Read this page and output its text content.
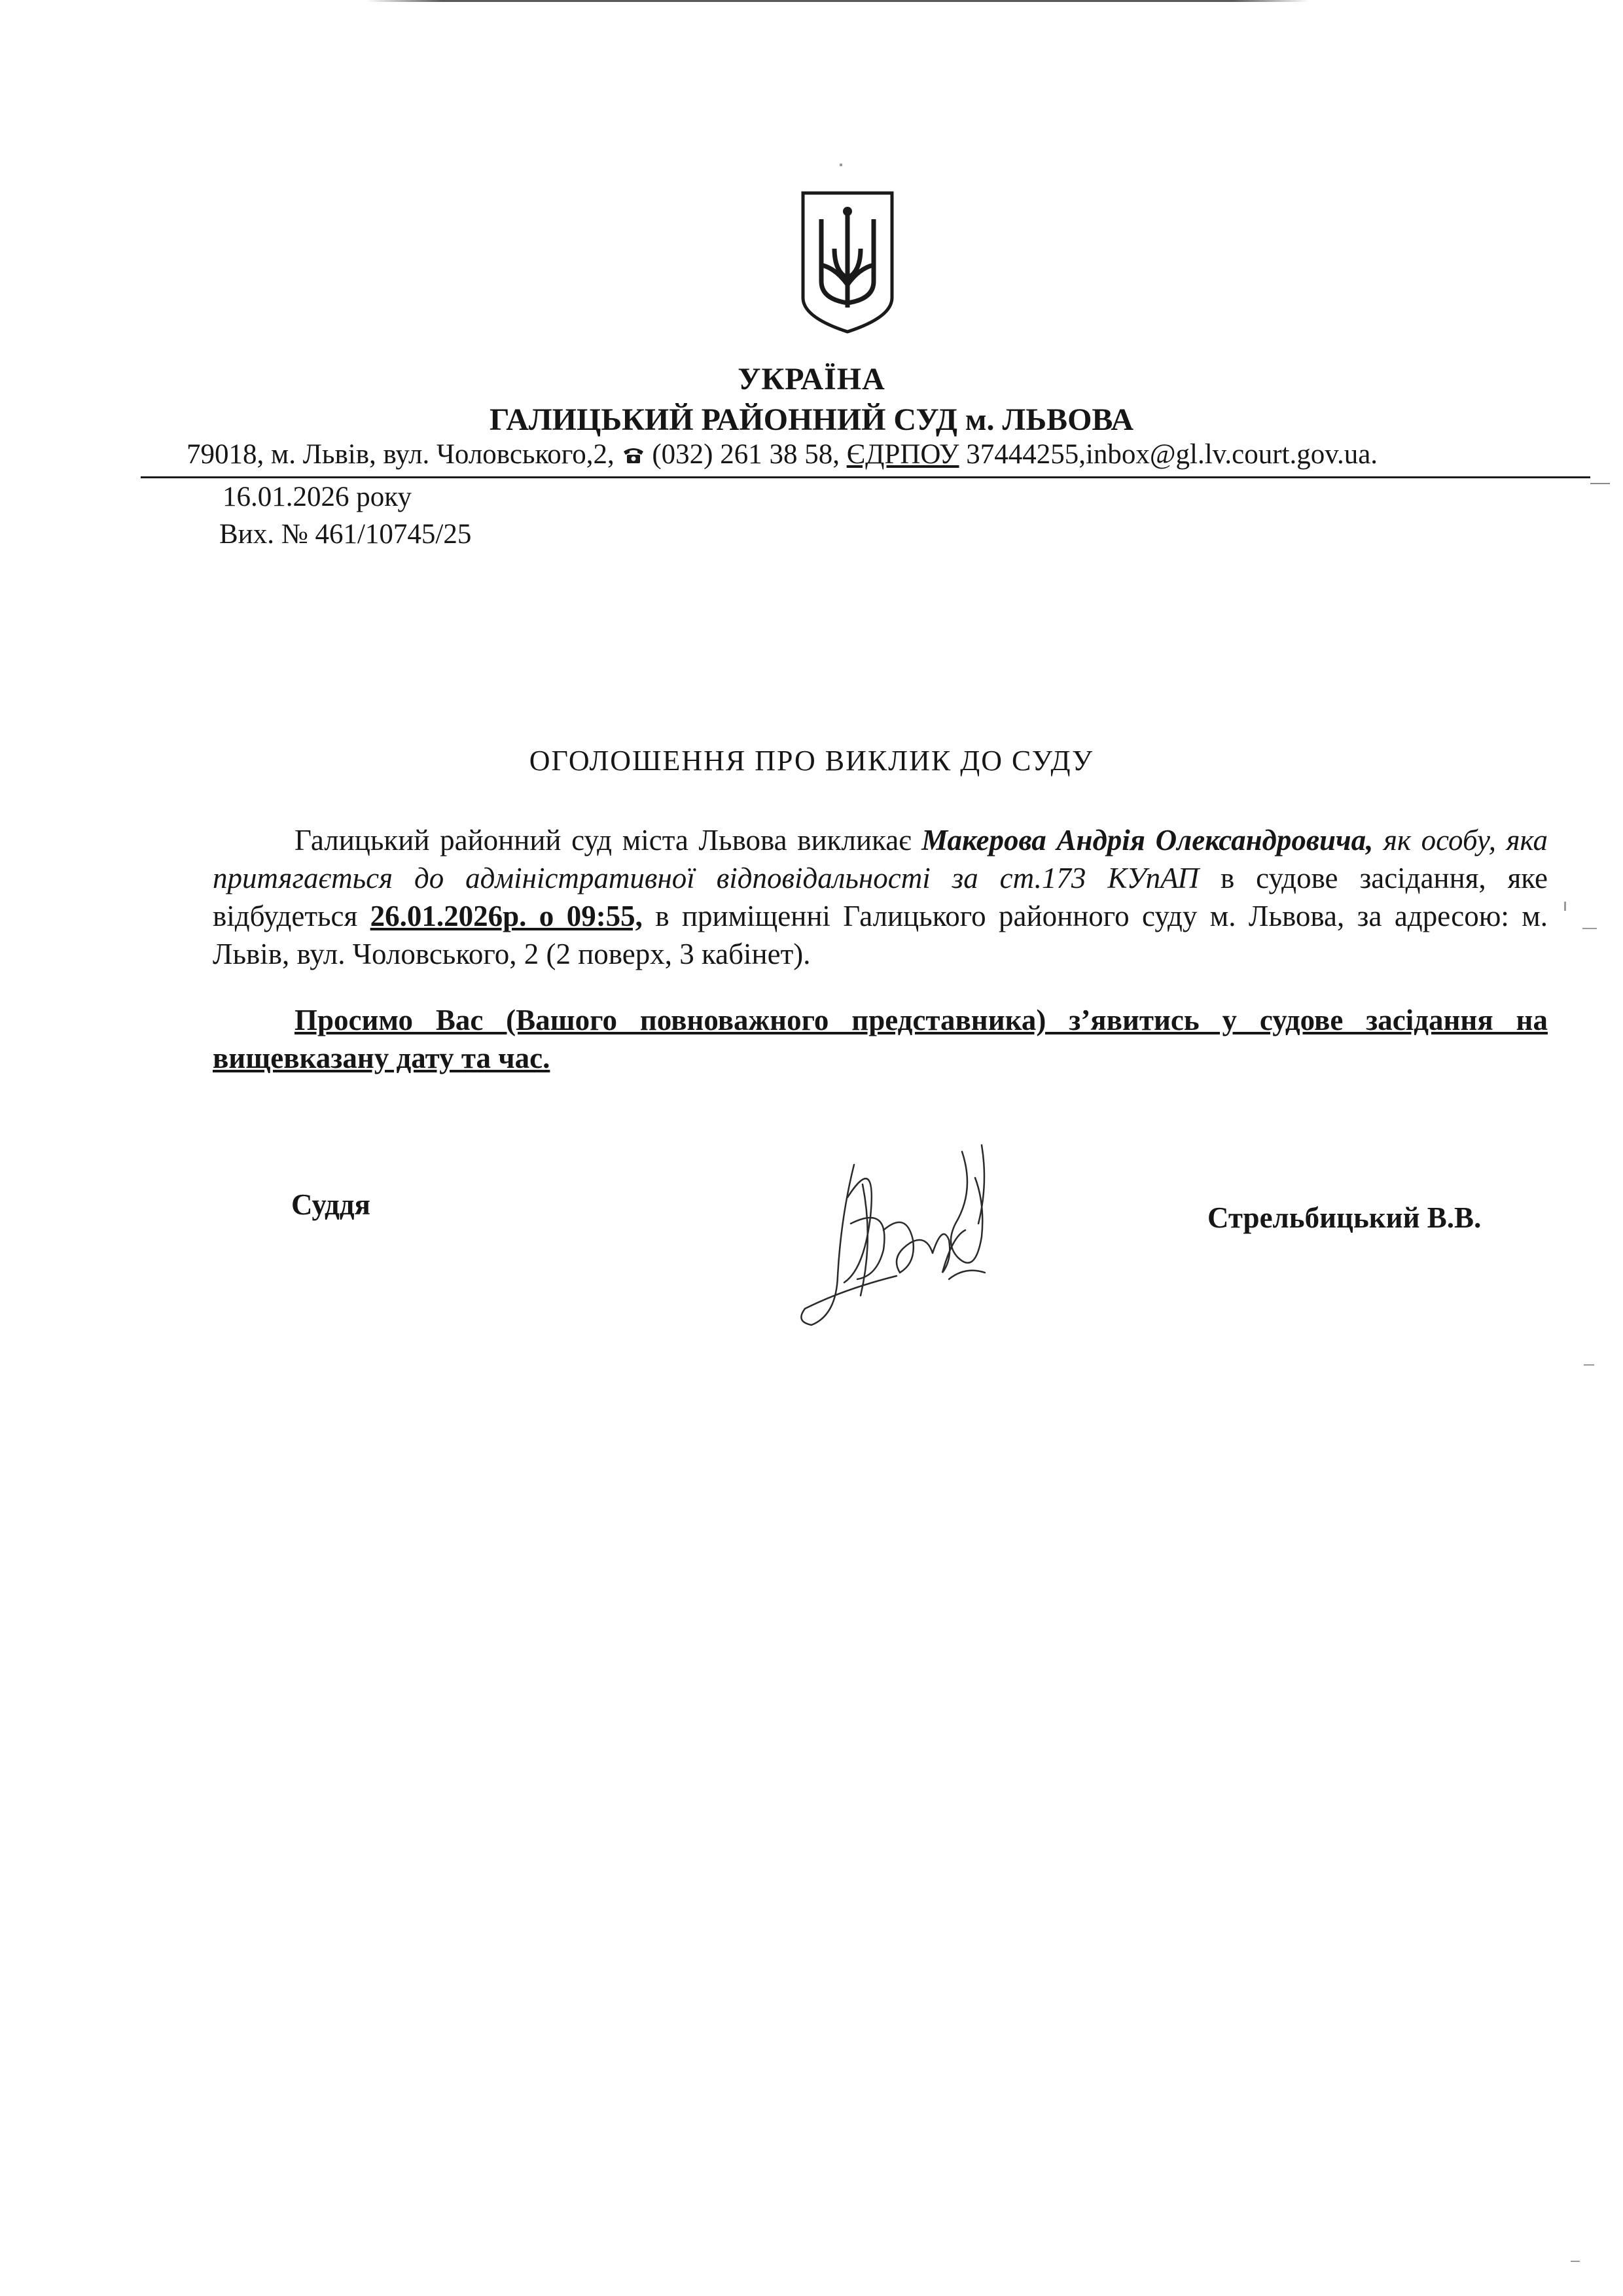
УКРАЇНА
ГАЛИЦЬКИЙ РАЙОННИЙ СУД м. ЛЬВОВА
79018, м. Львів, вул. Чоловського,2,  (032) 261 38 58, ЄДРПОУ 37444255,inbox@gl.lv.court.gov.ua.
16.01.2026 року
Вих. № 461/10745/25
ОГОЛОШЕННЯ ПРО ВИКЛИК ДО СУДУ
Галицький районний суд міста Львова викликає Макерова Андрія Олександровича, як особу, яка притягається до адміністративної відповідальності за ст.173 КУпАП в судове засідання, яке відбудеться 26.01.2026р. о 09:55, в приміщенні Галицького районного суду м. Львова, за адресою: м. Львів, вул. Чоловського, 2 (2 поверх, 3 кабінет).
Просимо Вас (Вашого повноважного представника) з’явитись у судове засідання на вищевказану дату та час.
Суддя	Стрельбицький В.В.
